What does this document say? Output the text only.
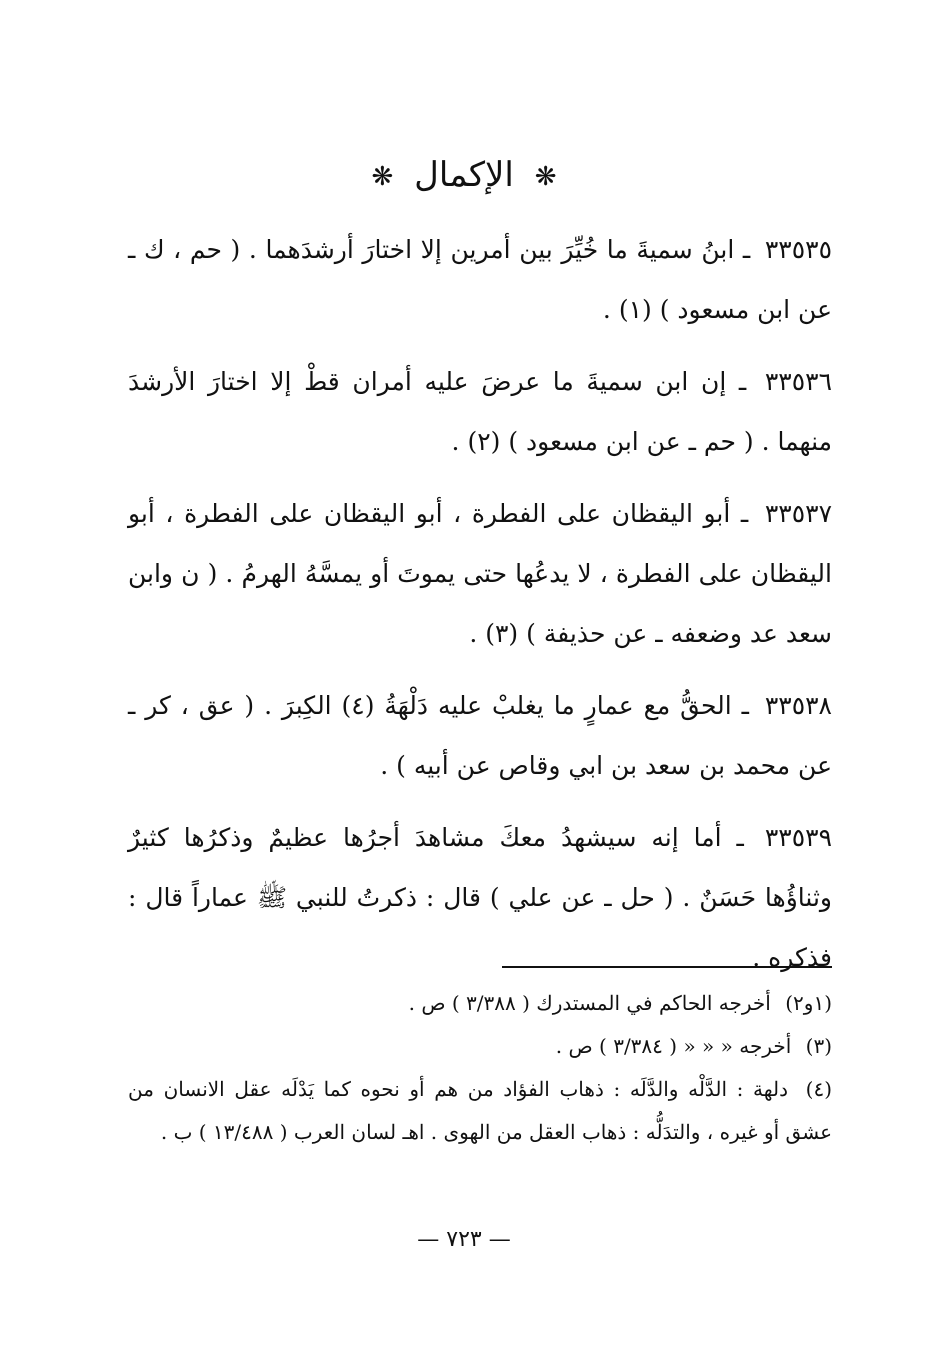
❋ الإكمال ❋

٣٣٥٣٥ ـ ابنُ سميةَ ما خُيِّرَ بين أمرين إلا اختارَ أرشدَهما . ( حم ، ك ـ عن ابن مسعود ) (١) .

٣٣٥٣٦ ـ إن ابن سميةَ ما عرضَ عليه أمران قطْ إلا اختارَ الأرشدَ منهما . ( حم ـ عن ابن مسعود ) (٢) .

٣٣٥٣٧ ـ أبو اليقظان على الفطرة ، أبو اليقظان على الفطرة ، أبو اليقظان على الفطرة ، لا يدعُها حتى يموتَ أو يمسَّهُ الهرمُ . ( ن وابن سعد عد وضعفه ـ عن حذيفة ) (٣) .

٣٣٥٣٨ ـ الحقُّ مع عمارٍ ما يغلبْ عليه دَلْهَةُ (٤) الكِبرَ . ( عق ، كر ـ عن محمد بن سعد بن ابي وقاص عن أبيه ) .

٣٣٥٣٩ ـ أما إنه سيشهدُ معكَ مشاهدَ أجرُها عظيمٌ وذكرُها كثيرٌ وثناؤُها حَسَنٌ . ( حل ـ عن علي ) قال : ذكرتُ للنبي ﷺ عماراً قال : فذكره .

(١و٢) أخرجه الحاكم في المستدرك ( ٣/٣٨٨ ) ص .
(٣) أخرجه « « « ( ٣/٣٨٤ ) ص .
(٤) دلهة : الدَّلْه والدَّلَه : ذهاب الفؤاد من هم أو نحوه كما يَدْلَه عقل الانسان من عشق أو غيره ، والتدَلُّه : ذهاب العقل من الهوى . اهـ لسان العرب ( ١٣/٤٨٨ ) ب .
— ٧٢٣ —
